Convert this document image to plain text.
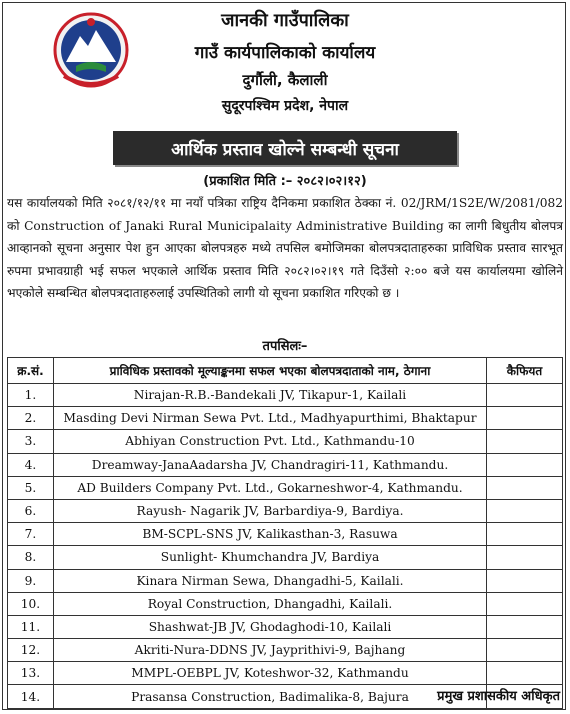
जानकी गाउँपालिका
गाउँ कार्यपालिकाको कार्यालय
दुर्गौली, कैलाली
सुदूरपश्चिम प्रदेश, नेपाल
आर्थिक प्रस्ताव खोल्ने सम्बन्धी सूचना
(प्रकाशित मिति :– २०८२।०२।१२)
यस कार्यालयको मिति २०८१/१२/११ मा नयाँ पत्रिका राष्ट्रिय दैनिकमा प्रकाशित ठेक्का नं. 02/JRM/1S2E/W/2081/082 को Construction of Janaki Rural Municipalaity Administrative Building का लागी बिधुतीय बोलपत्र आव्हानको सूचना अनुसार पेश हुन आएका बोलपत्रहरु मध्ये तपसिल बमोजिमका बोलपत्रदाताहरुका प्राविधिक प्रस्ताव सारभूत रुपमा प्रभावग्राही भई सफल भएकाले आर्थिक प्रस्ताव मिति २०८२।०२।१९ गते दिउँसो २:०० बजे यस कार्यालयमा खोलिने भएकोले सम्बन्धित बोलपत्रदाताहरुलाई उपस्थितिको लागी यो सूचना प्रकाशित गरिएको छ ।
तपसिलः–
क्र.सं.	प्राविधिक प्रस्तावको मूल्याङ्कनमा सफल भएका बोलपत्रदाताको नाम, ठेगाना	कैफियत
1.	Nirajan-R.B.-Bandekali JV, Tikapur-1, Kailali	
2.	Masding Devi Nirman Sewa Pvt. Ltd., Madhyapurthimi, Bhaktapur	
3.	Abhiyan Construction Pvt. Ltd., Kathmandu-10	
4.	Dreamway-JanaAadarsha JV, Chandragiri-11, Kathmandu.	
5.	AD Builders Company Pvt. Ltd., Gokarneshwor-4, Kathmandu.	
6.	Rayush- Nagarik JV, Barbardiya-9, Bardiya.	
7.	BM-SCPL-SNS JV, Kalikasthan-3, Rasuwa	
8.	Sunlight- Khumchandra JV, Bardiya	
9.	Kinara Nirman Sewa, Dhangadhi-5, Kailali.	
10.	Royal Construction, Dhangadhi, Kailali.	
11.	Shashwat-JB JV, Ghodaghodi-10, Kailali	
12.	Akriti-Nura-DDNS JV, Jayprithivi-9, Bajhang	
13.	MMPL-OEBPL JV, Koteshwor-32, Kathmandu	
14.	Prasansa Construction, Badimalika-8, Bajura	प्रमुख प्रशासकीय अधिकृत
